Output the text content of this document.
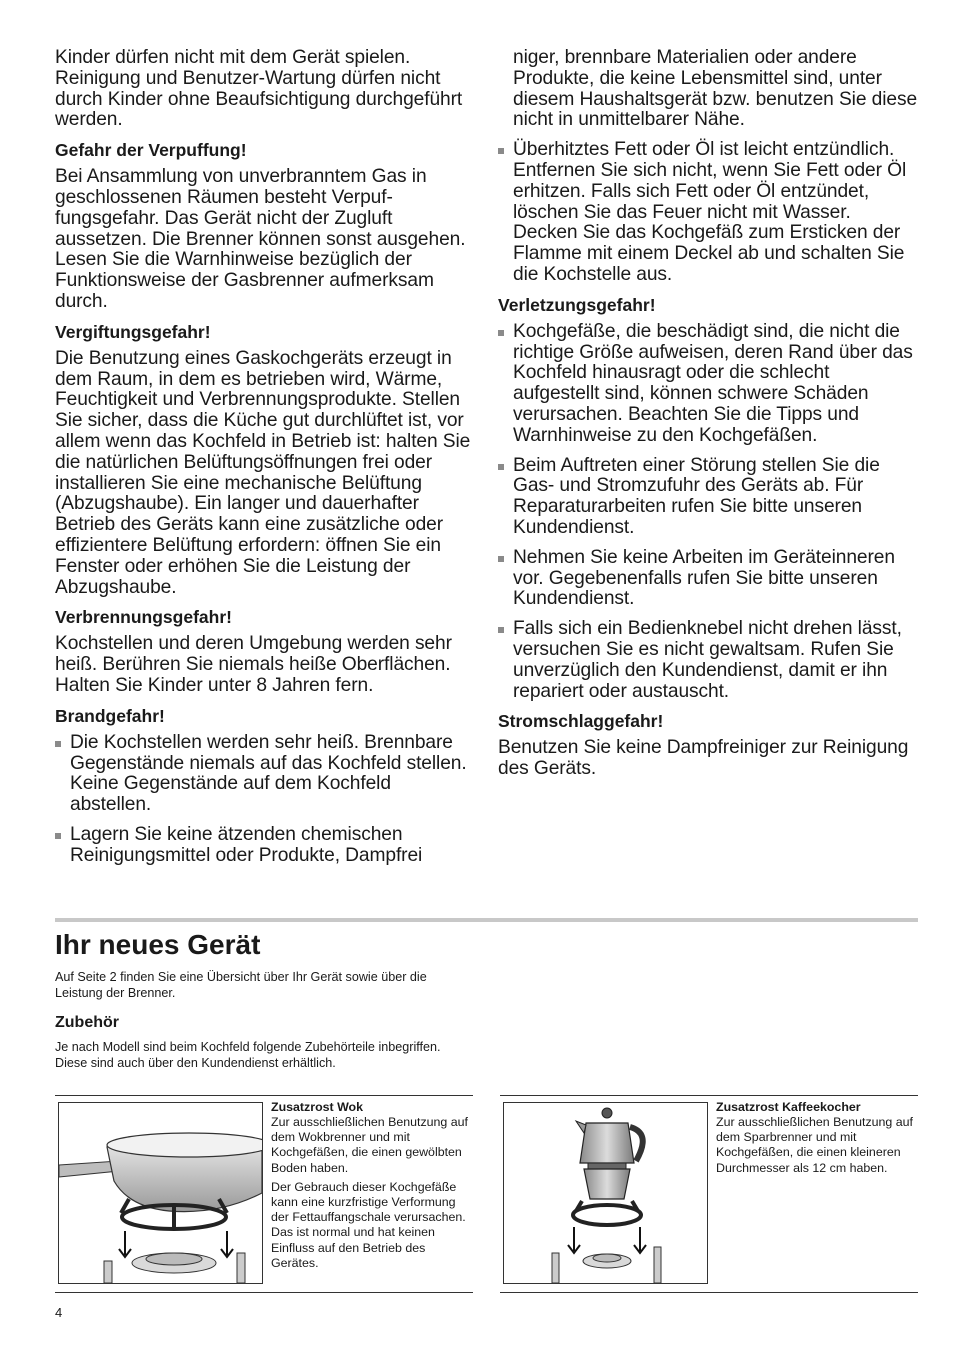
Kinder dürfen nicht mit dem Gerät spielen. Reinigung und Benutzer-Wartung dürfen nicht durch Kinder ohne Beaufsichtigung durchgeführt werden.

Gefahr der Verpuffung!

Bei Ansammlung von unverbranntem Gas in geschlossenen Räumen besteht Verpuffungsgefahr. Das Gerät nicht der Zugluft aussetzen. Die Brenner können sonst ausgehen. Lesen Sie die Warnhinweise bezüglich der Funktionsweise der Gasbrenner aufmerksam durch.

Vergiftungsgefahr!

Die Benutzung eines Gaskochgeräts erzeugt in dem Raum, in dem es betrieben wird, Wärme, Feuchtigkeit und Verbrennungsprodukte. Stellen Sie sicher, dass die Küche gut durchlüftet ist, vor allem wenn das Kochfeld in Betrieb ist: halten Sie die natürlichen Belüftungsöffnungen frei oder installieren Sie eine mechanische Belüftung (Abzugshaube). Ein langer und dauerhafter Betrieb des Geräts kann eine zusätzliche oder effizientere Belüftung erfordern: öffnen Sie ein Fenster oder erhöhen Sie die Leistung der Abzugshaube.

Verbrennungsgefahr!

Kochstellen und deren Umgebung werden sehr heiß. Berühren Sie niemals heiße Oberflächen. Halten Sie Kinder unter 8 Jahren fern.

Brandgefahr!
Die Kochstellen werden sehr heiß. Brennbare Gegenstände niemals auf das Kochfeld stellen. Keine Gegenstände auf dem Kochfeld abstellen.
Lagern Sie keine ätzenden chemischen Reinigungsmittel oder Produkte, Dampfrei

niger, brennbare Materialien oder andere Produkte, die keine Lebensmittel sind, unter diesem Haushaltsgerät bzw. benutzen Sie diese nicht in unmittelbarer Nähe.

Überhitztes Fett oder Öl ist leicht entzündlich. Entfernen Sie sich nicht, wenn Sie Fett oder Öl erhitzen. Falls sich Fett oder Öl entzündet, löschen Sie das Feuer nicht mit Wasser. Decken Sie das Kochgefäß zum Ersticken der Flamme mit einem Deckel ab und schalten Sie die Kochstelle aus.
Verletzungsgefahr!
Kochgefäße, die beschädigt sind, die nicht die richtige Größe aufweisen, deren Rand über das Kochfeld hinausragt oder die schlecht aufgestellt sind, können schwere Schäden verursachen. Beachten Sie die Tipps und Warnhinweise zu den Kochgefäßen.
Beim Auftreten einer Störung stellen Sie die Gas- und Stromzufuhr des Geräts ab. Für Reparaturarbeiten rufen Sie bitte unseren Kundendienst.
Nehmen Sie keine Arbeiten im Geräteinneren vor. Gegebenenfalls rufen Sie bitte unseren Kundendienst.
Falls sich ein Bedienknebel nicht drehen lässt, versuchen Sie es nicht gewaltsam. Rufen Sie unverzüglich den Kundendienst, damit er ihn repariert oder austauscht.
Stromschlaggefahr!

Benutzen Sie keine Dampfreiniger zur Reinigung des Geräts.

Ihr neues Gerät

Auf Seite 2 finden Sie eine Übersicht über Ihr Gerät sowie über die Leistung der Brenner.

Zubehör

Je nach Modell sind beim Kochfeld folgende Zubehörteile inbegriffen. Diese sind auch über den Kundendienst erhältlich.

Zusatzrost Wok

Zur ausschließlichen Benutzung auf dem Wokbrenner und mit Kochgefäßen, die einen gewölbten Boden haben.

Der Gebrauch dieser Kochgefäße kann eine kurzfristige Verformung der Fettauffangschale verursachen. Das ist normal und hat keinen Einfluss auf den Betrieb des Gerätes.

Zusatzrost Kaffeekocher

Zur ausschließlichen Benutzung auf dem Sparbrenner und mit Kochgefäßen, die einen kleineren Durchmesser als 12 cm haben.

4
